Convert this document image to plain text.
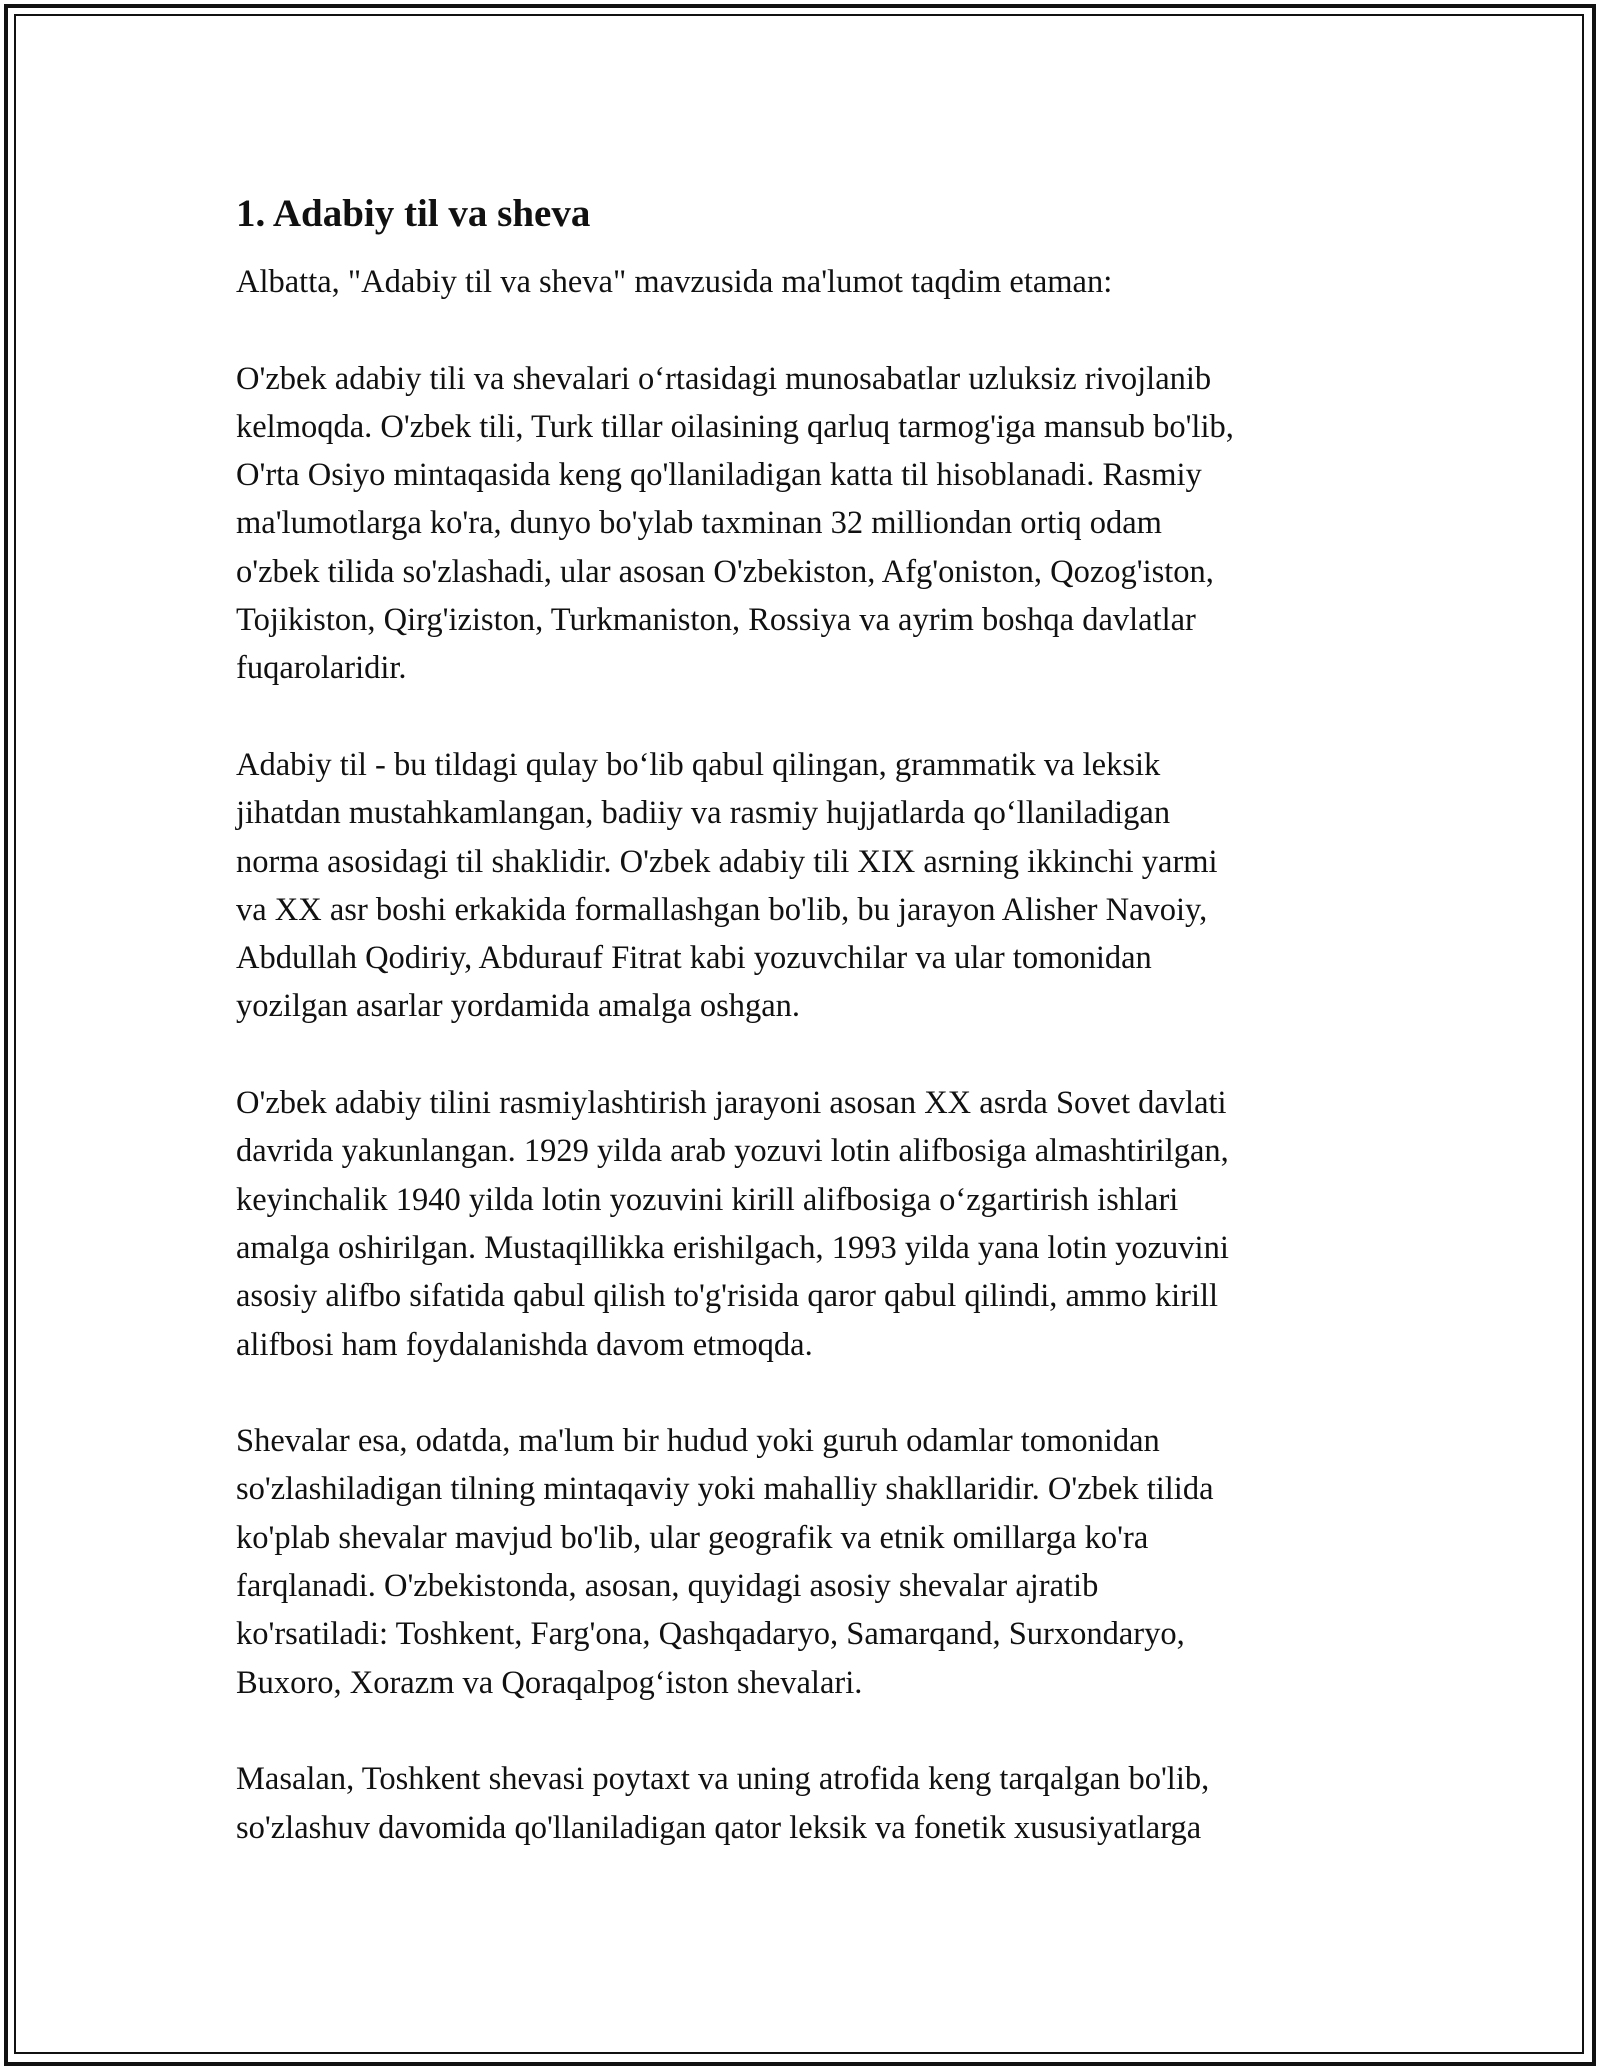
1. Adabiy til va sheva
Albatta, "Adabiy til va sheva" mavzusida ma'lumot taqdim etaman:
O'zbek adabiy tili va shevalari o‘rtasidagi munosabatlar uzluksiz rivojlanib
kelmoqda. O'zbek tili, Turk tillar oilasining qarluq tarmog'iga mansub bo'lib,
O'rta Osiyo mintaqasida keng qo'llaniladigan katta til hisoblanadi. Rasmiy
ma'lumotlarga ko'ra, dunyo bo'ylab taxminan 32 milliondan ortiq odam
o'zbek tilida so'zlashadi, ular asosan O'zbekiston, Afg'oniston, Qozog'iston,
Tojikiston, Qirg'iziston, Turkmaniston, Rossiya va ayrim boshqa davlatlar
fuqarolaridir.
Adabiy til - bu tildagi qulay bo‘lib qabul qilingan, grammatik va leksik
jihatdan mustahkamlangan, badiiy va rasmiy hujjatlarda qo‘llaniladigan
norma asosidagi til shaklidir. O'zbek adabiy tili XIX asrning ikkinchi yarmi
va XX asr boshi erkakida formallashgan bo'lib, bu jarayon Alisher Navoiy,
Abdullah Qodiriy, Abdurauf Fitrat kabi yozuvchilar va ular tomonidan
yozilgan asarlar yordamida amalga oshgan.
O'zbek adabiy tilini rasmiylashtirish jarayoni asosan XX asrda Sovet davlati
davrida yakunlangan. 1929 yilda arab yozuvi lotin alifbosiga almashtirilgan,
keyinchalik 1940 yilda lotin yozuvini kirill alifbosiga o‘zgartirish ishlari
amalga oshirilgan. Mustaqillikka erishilgach, 1993 yilda yana lotin yozuvini
asosiy alifbo sifatida qabul qilish to'g'risida qaror qabul qilindi, ammo kirill
alifbosi ham foydalanishda davom etmoqda.
Shevalar esa, odatda, ma'lum bir hudud yoki guruh odamlar tomonidan
so'zlashiladigan tilning mintaqaviy yoki mahalliy shakllaridir. O'zbek tilida
ko'plab shevalar mavjud bo'lib, ular geografik va etnik omillarga ko'ra
farqlanadi. O'zbekistonda, asosan, quyidagi asosiy shevalar ajratib
ko'rsatiladi: Toshkent, Farg'ona, Qashqadaryo, Samarqand, Surxondaryo,
Buxoro, Xorazm va Qoraqalpog‘iston shevalari.
Masalan, Toshkent shevasi poytaxt va uning atrofida keng tarqalgan bo'lib,
so'zlashuv davomida qo'llaniladigan qator leksik va fonetik xususiyatlarga
